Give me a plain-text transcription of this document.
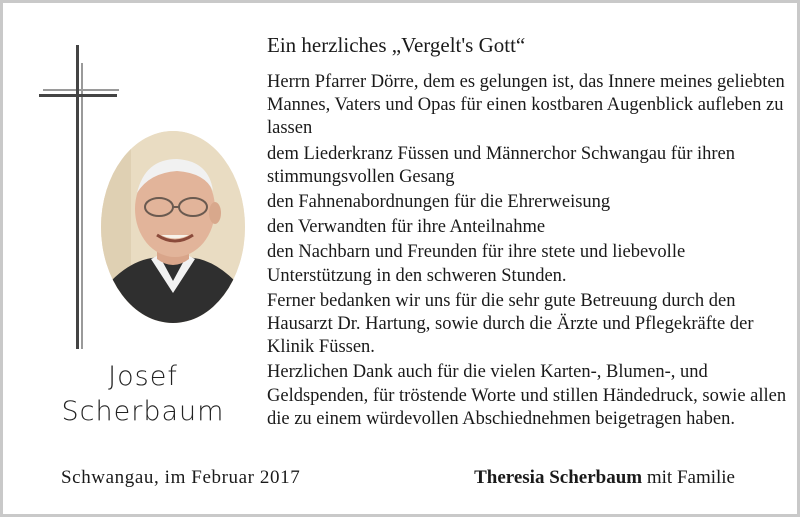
Josef
Scherbaum
Ein herzliches „Vergelt's Gott“

Herrn Pfarrer Dörre, dem es gelungen ist, das Innere meines geliebten Mannes, Vaters und Opas für einen kostbaren Augenblick aufleben zu lassen

dem Liederkranz Füssen und Männerchor Schwangau für ihren stimmungsvollen Gesang

den Fahnenabordnungen für die Ehrerweisung

den Verwandten für ihre Anteilnahme

den Nachbarn und Freunden für ihre stete und liebevolle Unterstützung in den schweren Stunden.

Ferner bedanken wir uns für die sehr gute Betreuung durch den Hausarzt Dr. Hartung, sowie durch die Ärzte und Pflegekräfte der Klinik Füssen.

Herzlichen Dank auch für die vielen Karten-, Blumen-, und Geldspenden, für tröstende Worte und stillen Händedruck, sowie allen die zu einem würdevollen Abschiednehmen beigetragen haben.

Schwangau, im Februar 2017	Theresia Scherbaum mit Familie
